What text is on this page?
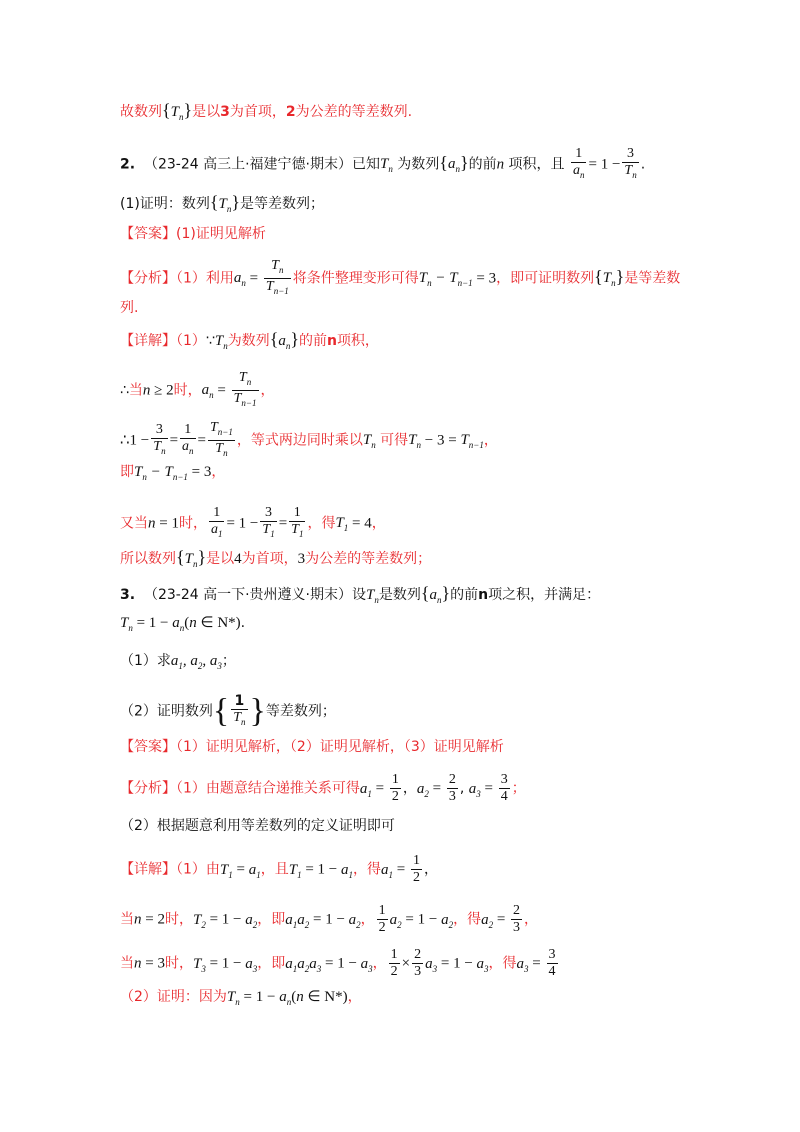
故数列$\{T_n\}$是以3为首项，2为公差的等差数列.
2. （23-24 高三上·福建宁德·期末）已知$T_n$ 为数列$\{a_n\}$的前n 项积，且 $\frac{1}{a_n} = 1 - \frac{3}{T_n}$ .
(1)证明：数列$\{T_n\}$是等差数列；
【答案】(1)证明见解析
【分析】（1）利用$a_n = \frac{T_n}{T_{n-1}}$ 将条件整理变形可得$T_n - T_{n-1} = 3$，即可证明数列$\{T_n\}$是等差数
列.
【详解】$(1)\because T_n$为数列$\{a_n\}$的前n项积，
∴当n ≥ 2时，$a_n = \frac{T_n}{T_{n-1}}$ ，
∴1 − $\frac{3}{T_n} = \frac{1}{a_n} = \frac{T_{n-1}}{T_n}$ ，等式两边同时乘以$T_n$ 可得$T_n - 3 = T_{n-1}$，
即$T_n - T_{n-1} = 3$，
又当n = 1时， $\frac{1}{a_1} = 1 - \frac{3}{T_1} = \frac{1}{T_1}$ ，得$T_1 = 4$，
所以数列$\{T_n\}$是以4为首项，3为公差的等差数列；
3. （23-24 高一下·贵州遵义·期末）设$T_n$是数列$\{a_n\}$的前n项之积，并满足：
$T_n = 1 - a_n(n$ ∈ N*).
（1）求$a_1$, $a_2$, $a_3$；
（2）证明数列{ $\frac{1}{T_n}$ }等差数列；
【答案】（1）证明见解析，（2）证明见解析，（3）证明见解析
【分析】（1）由题意结合递推关系可得$a_1 = \frac{1}{2}$ ，$a_2 = \frac{2}{3}$ , $a_3 = \frac{3}{4}$ ；
（2）根据题意利用等差数列的定义证明即可
【详解】（1）由$T_1 = a_1$，且$T_1 = 1 - a_1$，得$a_1 = \frac{1}{2}$ ，
当n = 2时，$T_2 = 1 - a_2$，即$a_1a_2 = 1 - a_2$， $\frac{1}{2} a_2 = 1 - a_2$，得$a_2 = \frac{2}{3}$ ，
当n = 3时，$T_3 = 1 - a_3$，即$a_1a_2a_3 = 1 - a_3$， $\frac{1}{2} \times \frac{2}{3} a_3 = 1 - a_3$，得$a_3 = \frac{3}{4}$
（2）证明：因为$T_n = 1 - a_n(n$ ∈ N*)，
